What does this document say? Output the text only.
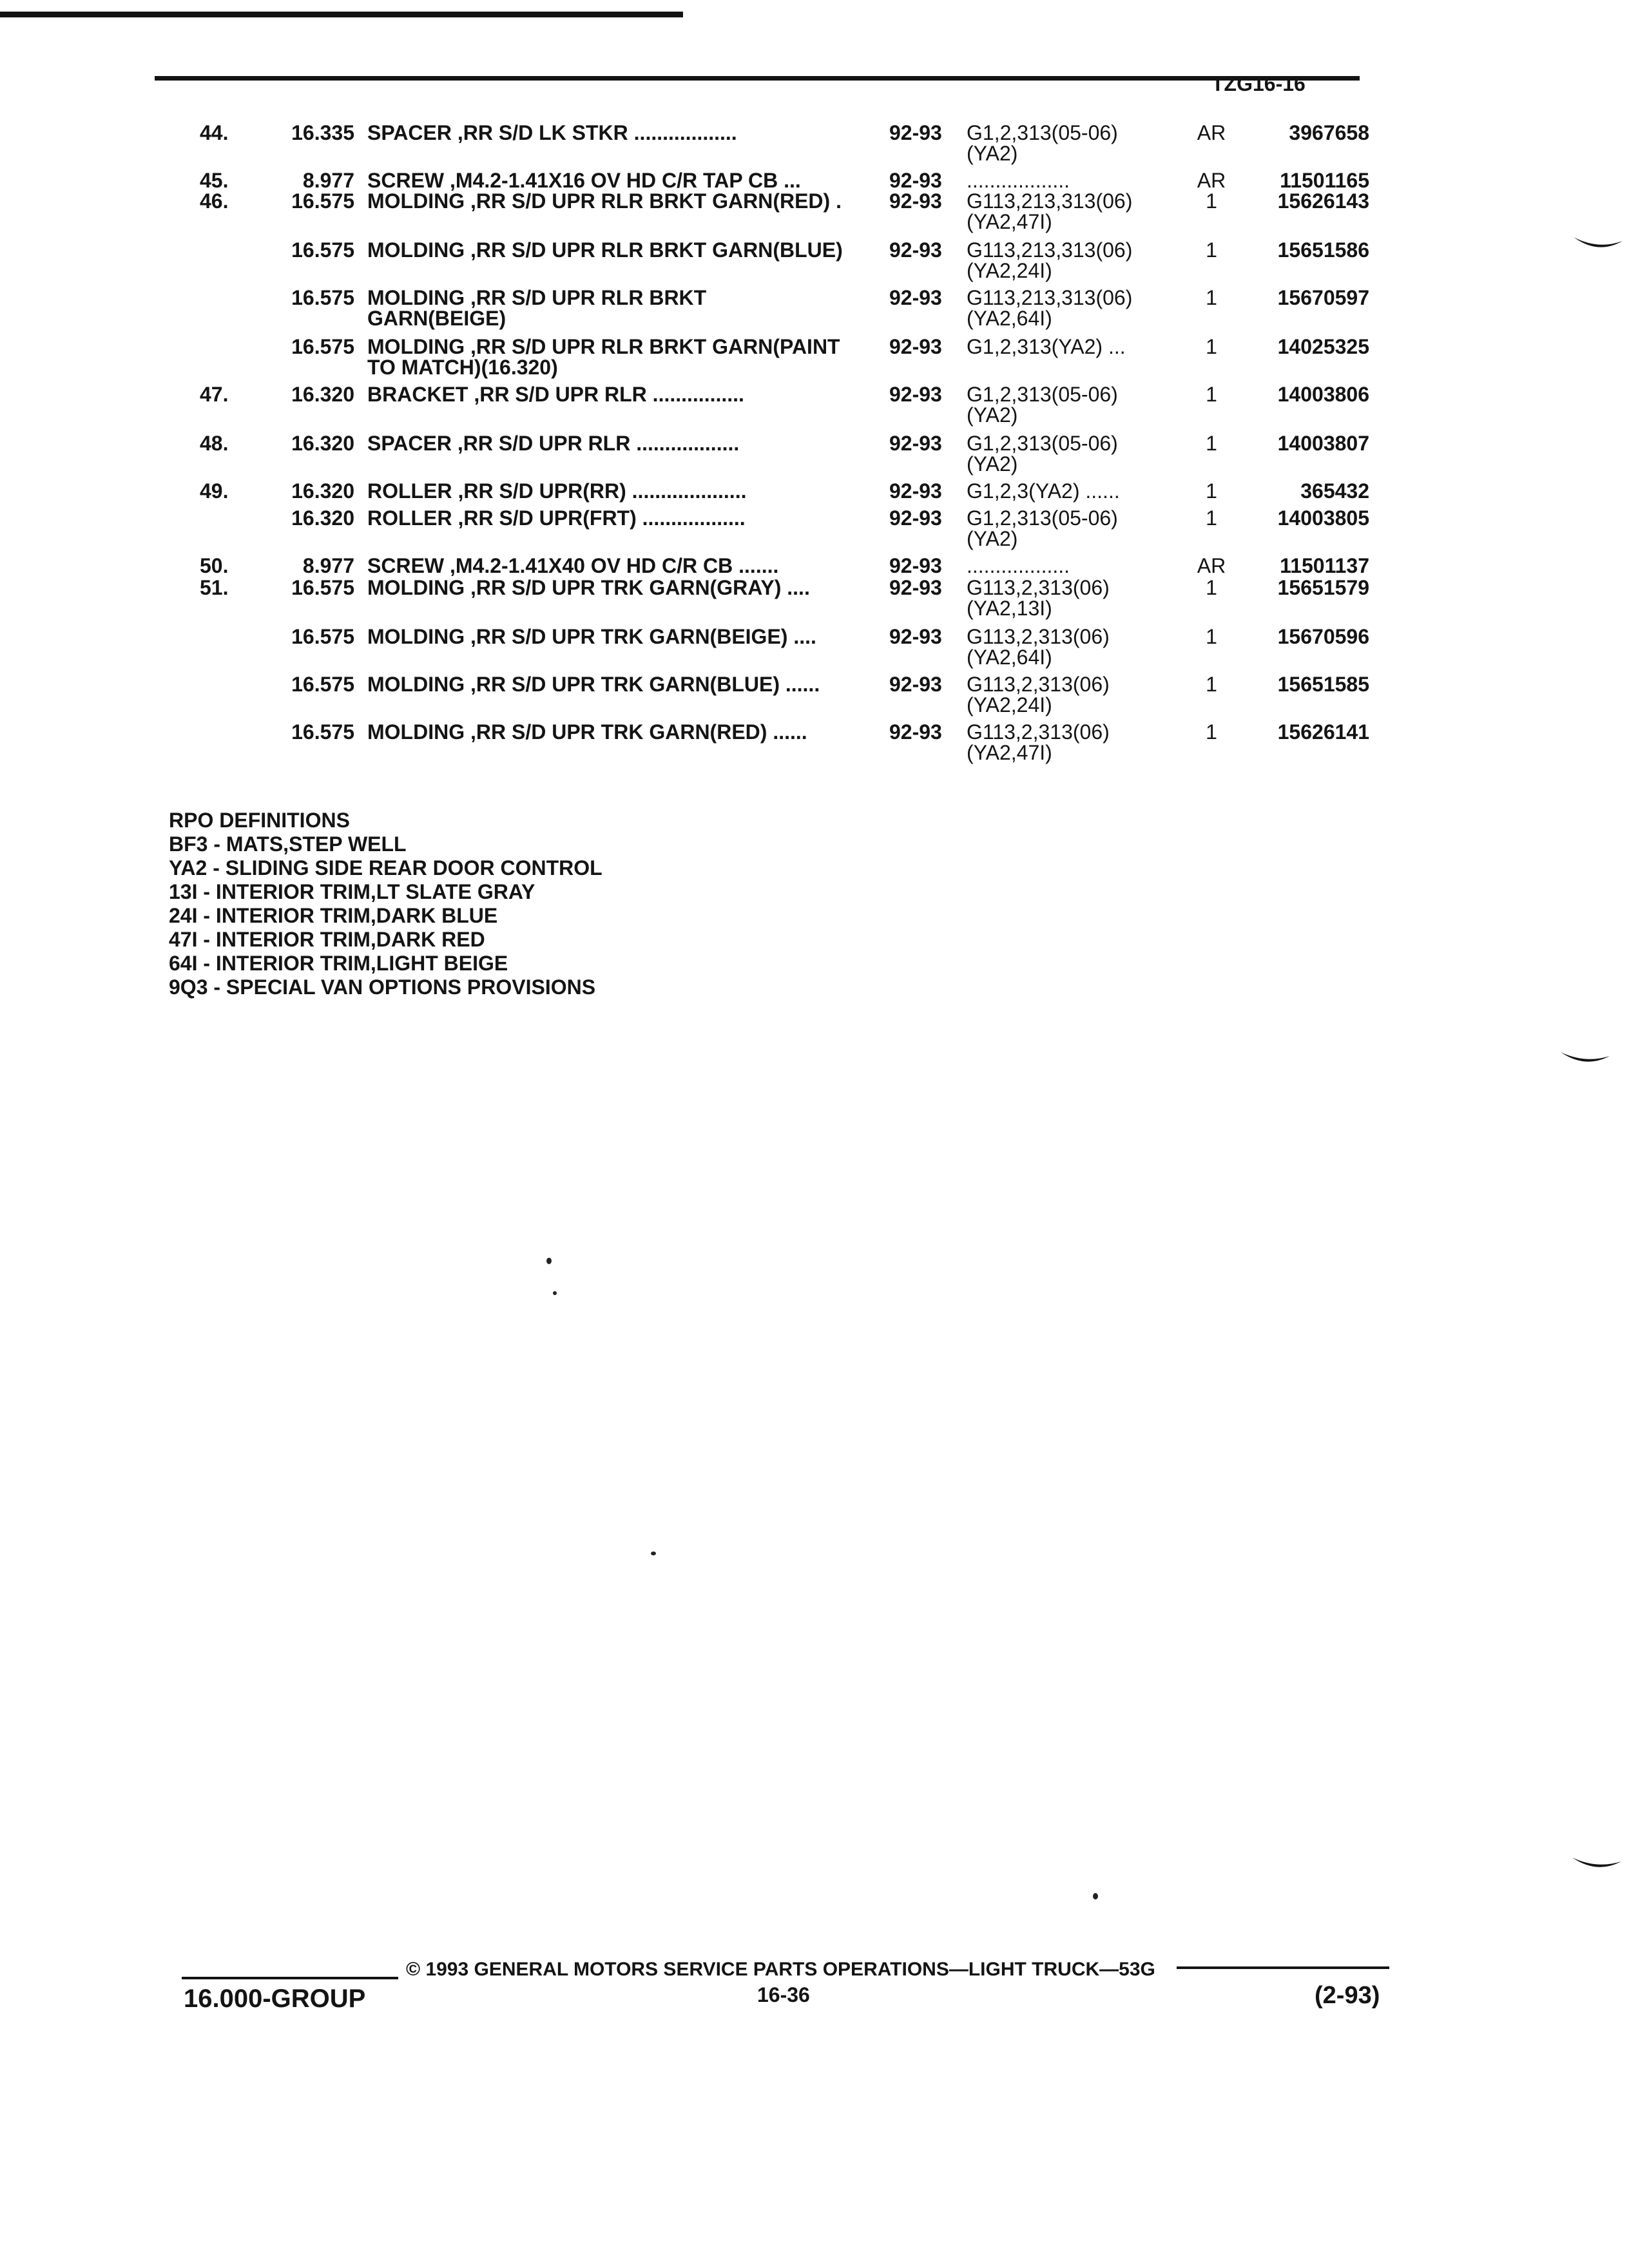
TZG16-16
44.	16.335 SPACER ,RR S/D LK STKR ..................	92-93 G1,2,313(05-06)	AR	3967658
(YA2)
45.	8.977 SCREW ,M4.2-1.41X16 OV HD C/R TAP CB ...	92-93 ..................	AR	11501165
46.	16.575 MOLDING ,RR S/D UPR RLR BRKT GARN(RED) .	92-93 G113,213,313(06)	1	15626143
(YA2,47I)
16.575 MOLDING ,RR S/D UPR RLR BRKT GARN(BLUE)	92-93 G113,213,313(06)	1	15651586
(YA2,24I)
16.575 MOLDING ,RR S/D UPR RLR BRKT	92-93 G113,213,313(06)	1	15670597
GARN(BEIGE)	(YA2,64I)
16.575 MOLDING ,RR S/D UPR RLR BRKT GARN(PAINT	92-93 G1,2,313(YA2) ...	1	14025325
TO MATCH)(16.320)
47.	16.320 BRACKET ,RR S/D UPR RLR ................	92-93 G1,2,313(05-06)	1	14003806
(YA2)
48.	16.320 SPACER ,RR S/D UPR RLR ..................	92-93 G1,2,313(05-06)	1	14003807
(YA2)
49.	16.320 ROLLER ,RR S/D UPR(RR) ....................	92-93 G1,2,3(YA2) ......	1	365432
16.320 ROLLER ,RR S/D UPR(FRT) ..................	92-93 G1,2,313(05-06)	1	14003805
(YA2)
50.	8.977 SCREW ,M4.2-1.41X40 OV HD C/R CB .......	92-93 ..................	AR	11501137
51.	16.575 MOLDING ,RR S/D UPR TRK GARN(GRAY) ....	92-93 G113,2,313(06)	1	15651579
(YA2,13I)
16.575 MOLDING ,RR S/D UPR TRK GARN(BEIGE) ....	92-93 G113,2,313(06)	1	15670596
(YA2,64I)
16.575 MOLDING ,RR S/D UPR TRK GARN(BLUE) ......	92-93 G113,2,313(06)	1	15651585
(YA2,24I)
16.575 MOLDING ,RR S/D UPR TRK GARN(RED) ......	92-93 G113,2,313(06)	1	15626141
(YA2,47I)
RPO DEFINITIONS
BF3 - MATS,STEP WELL
YA2 - SLIDING SIDE REAR DOOR CONTROL
13I - INTERIOR TRIM,LT SLATE GRAY
24I - INTERIOR TRIM,DARK BLUE
47I - INTERIOR TRIM,DARK RED
64I - INTERIOR TRIM,LIGHT BEIGE
9Q3 - SPECIAL VAN OPTIONS PROVISIONS
© 1993 GENERAL MOTORS SERVICE PARTS OPERATIONS—LIGHT TRUCK—53G
16.000-GROUP	16-36	(2-93)
